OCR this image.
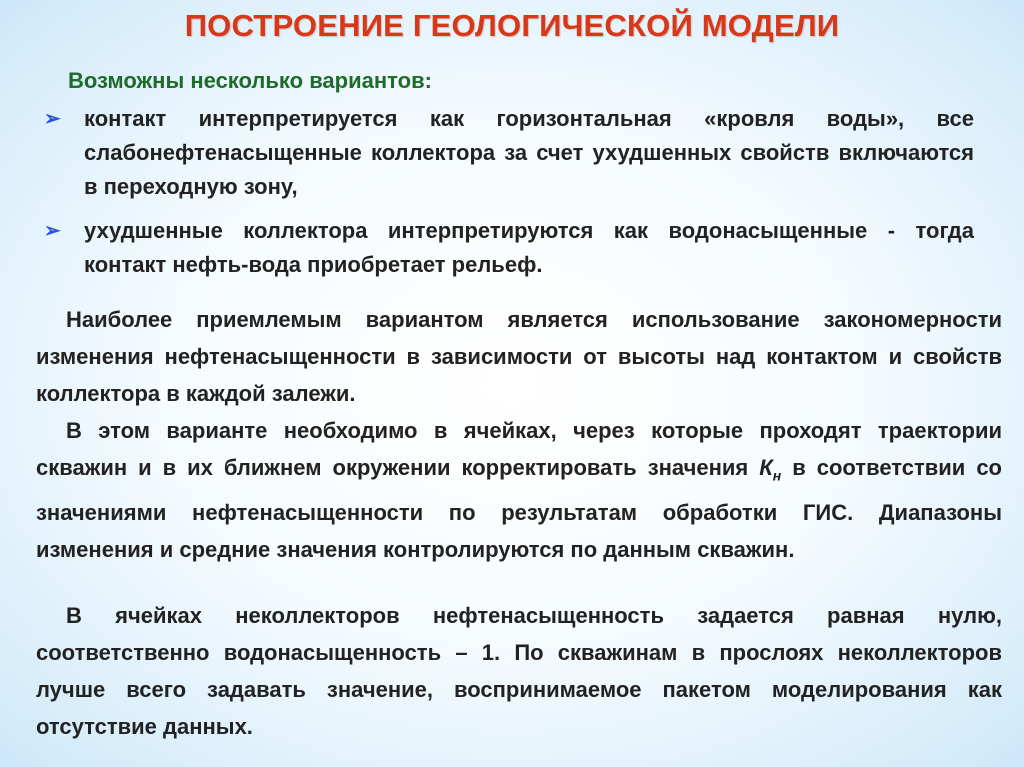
ПОСТРОЕНИЕ ГЕОЛОГИЧЕСКОЙ МОДЕЛИ
Возможны несколько вариантов:
➢	контакт интерпретируется как горизонтальная «кровля воды», все слабонефтенасыщенные коллектора за счет ухудшенных свойств включаются в переходную зону,
➢	ухудшенные коллектора интерпретируются как водонасыщенные - тогда контакт нефть-вода приобретает рельеф.

Наиболее приемлемым вариантом является использование закономерности изменения нефтенасыщенности в зависимости от высоты над контактом и свойств коллектора в каждой залежи.

В этом варианте необходимо в ячейках, через которые проходят траектории скважин и в их ближнем окружении корректировать значения $К_н$ в соответствии со значениями нефтенасыщенности по результатам обработки ГИС. Диапазоны изменения и средние значения контролируются по данным скважин.

В ячейках неколлекторов нефтенасыщенность задается равная нулю, соответственно водонасыщенность – 1. По скважинам в прослоях неколлекторов лучше всего задавать значение, воспринимаемое пакетом моделирования как отсутствие данных.
